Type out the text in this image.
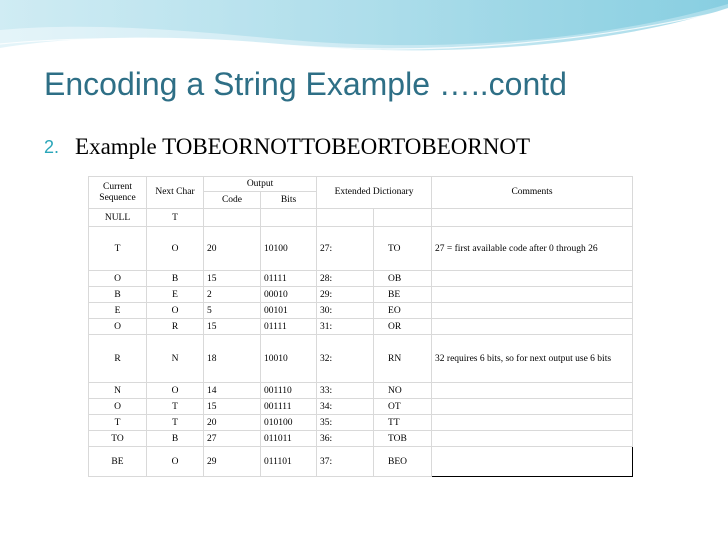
Encoding a String Example …..contd
2. Example TOBEORNOTTOBEORTOBEORNOT
Current Sequence	Next Char	Output		Extended Dictionary		Comments
		Code	Bits			
NULL	T					
T	O	20	10100	27:	TO	27 = first available code after 0 through 26
O	B	15	01111	28:	OB	
B	E	2	00010	29:	BE	
E	O	5	00101	30:	EO	
O	R	15	01111	31:	OR	
R	N	18	10010	32:	RN	32 requires 6 bits, so for next output use 6 bits
N	O	14	001110	33:	NO	
O	T	15	001111	34:	OT	
T	T	20	010100	35:	TT	
TO	B	27	011011	36:	TOB	
BE	O	29	011101	37:	BEO	
